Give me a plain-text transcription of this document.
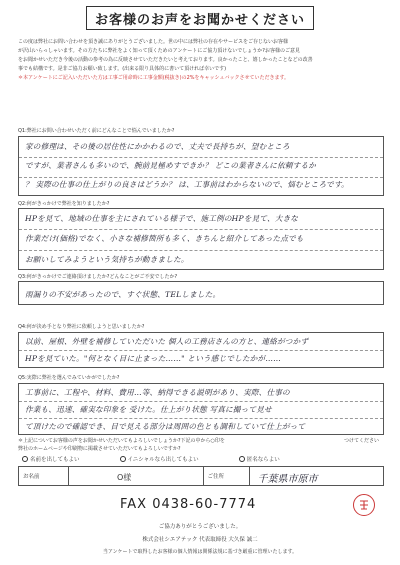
お客様のお声をお聞かせください
この度は弊社にお問い合わせを頂き誠にありがとうございました。世の中には弊社の存在やサービスをご存じないお客様
が沢山いらっしゃいます。その方たちに弊社をよく知って頂くためのアンケートにご協力頂けないでしょうか?お客様のご意見
をお聞かせいただき今後の活動の参考の為に反映させていただきたいと考えております。良かったこと、嬉しかったことなどの改善
事でも結構です。是非ご協力お願い致します。(出来る限り具体的に書いて頂ければ幸いです)
＊本アンケートにご記入いただいた方は工事ご用命時に工事金額(税抜き)の2%をキャッシュバックさせていただきます。
Q1:弊社にお問い合わせいただく前にどんなことで悩んでいましたか?
家の修理は、その後の居住性にかかわるので、丈夫で長持ちが、望むところ
ですが、業者さんも多いので、腕前見極めすできか？ どこの業者さんに依頼するか
？ 実際の仕事の仕上がりの良さはどうか？ は、工事前はわからないので、悩むところです。
Q2:何がきっかけで弊社を知りましたか?
HPを見て、地域の仕事を主にされている様子で、施工例のHPを見て、大きな
作業だけ(価格)でなく、小さな補修箇所も多く、きちんと紹介してあった点でも
お願いしてみようという気持ちが動きました。
Q3:何がきっかけでご連絡頂けましたか?どんなことがご不安でしたか?
雨漏りの不安があったので、すぐ状態、TELしました。
Q4:何が決め手となり弊社に依頼しようと思いましたか?
以前、屋根、外壁を補修していただいた 個人の工務店さんの方と、連絡がつかず
HPを見ていた。"何となく目に止まった……" という感じでしたかが……
Q5:実際に弊社を選んでみていかがでしたか?
工事前に、工程や、材料、費用…等、納得できる説明があり、実際、仕事の
作業も、迅速、確実な印象を 受けた。仕上がり状態 写真に撮って見せ
て頂けたので確認でき、目で見える部分は周囲の色とも調和していて仕上がって
＊上記についてお客様の声をお聞かせいただいてもよろしいでしょうか?下記の中から○印を
弊社のホームページや印刷物に掲載させていただいてもよろしいですか?
つけてください
名前を出してもよい	イニシャルなら出してもよい	匿名ならよい
お名前	O様	ご住所	千葉県市原市
FAX 0438-60-7774
ご協力ありがとうございました。
株式会社シエアテック 代表取締役 大久保 誠二
当アンケートで取得したお客様の個人情報は関係法規に基づき厳重に管理いたします。
